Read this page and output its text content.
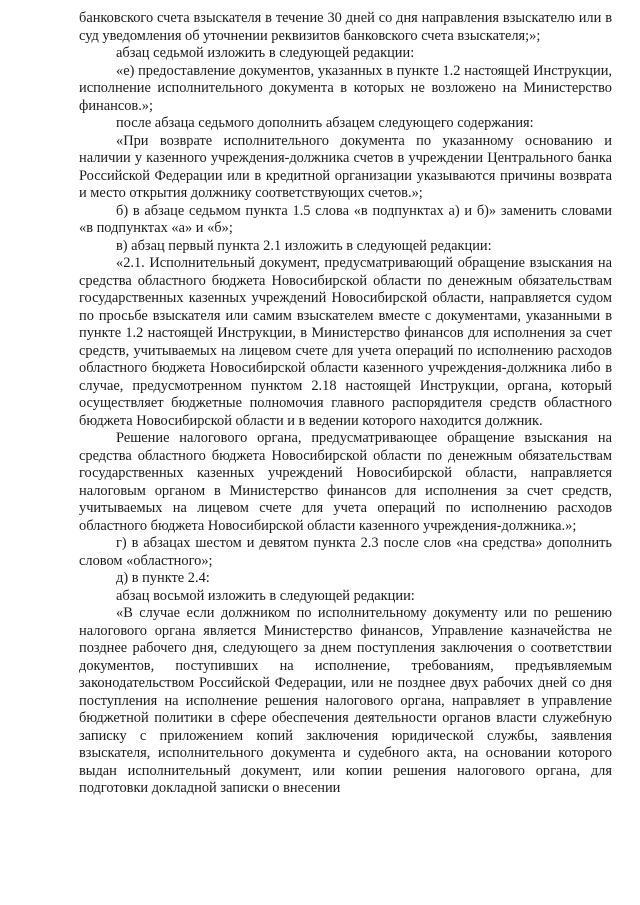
банковского счета взыскателя в течение 30 дней со дня направления взыскателю или в суд уведомления об уточнении реквизитов банковского счета взыскателя;»;

абзац седьмой изложить в следующей редакции:

«е) предоставление документов, указанных в пункте 1.2 настоящей Инструкции, исполнение исполнительного документа в которых не возложено на Министерство финансов.»;

после абзаца седьмого дополнить абзацем следующего содержания:

«При возврате исполнительного документа по указанному основанию и наличии у казенного учреждения-должника счетов в учреждении Центрального банка Российской Федерации или в кредитной организации указываются причины возврата и место открытия должнику соответствующих счетов.»;

б) в абзаце седьмом пункта 1.5 слова «в подпунктах а) и б)» заменить словами «в подпунктах «а» и «б»;

в) абзац первый пункта 2.1 изложить в следующей редакции:

«2.1. Исполнительный документ, предусматривающий обращение взыскания на средства областного бюджета Новосибирской области по денежным обязательствам государственных казенных учреждений Новосибирской области, направляется судом по просьбе взыскателя или самим взыскателем вместе с документами, указанными в пункте 1.2 настоящей Инструкции, в Министерство финансов для исполнения за счет средств, учитываемых на лицевом счете для учета операций по исполнению расходов областного бюджета Новосибирской области казенного учреждения-должника либо в случае, предусмотренном пунктом 2.18 настоящей Инструкции, органа, который осуществляет бюджетные полномочия главного распорядителя средств областного бюджета Новосибирской области и в ведении которого находится должник.

Решение налогового органа, предусматривающее обращение взыскания на средства областного бюджета Новосибирской области по денежным обязательствам государственных казенных учреждений Новосибирской области, направляется налоговым органом в Министерство финансов для исполнения за счет средств, учитываемых на лицевом счете для учета операций по исполнению расходов областного бюджета Новосибирской области казенного учреждения-должника.»;

г) в абзацах шестом и девятом пункта 2.3 после слов «на средства» дополнить словом «областного»;

д) в пункте 2.4:

абзац восьмой изложить в следующей редакции:

«В случае если должником по исполнительному документу или по решению налогового органа является Министерство финансов, Управление казначейства не позднее рабочего дня, следующего за днем поступления заключения о соответствии документов, поступивших на исполнение, требованиям, предъявляемым законодательством Российской Федерации, или не позднее двух рабочих дней со дня поступления на исполнение решения налогового органа, направляет в управление бюджетной политики в сфере обеспечения деятельности органов власти служебную записку с приложением копий заключения юридической службы, заявления взыскателя, исполнительного документа и судебного акта, на основании которого выдан исполнительный документ, или копии решения налогового органа, для подготовки докладной записки о внесении
